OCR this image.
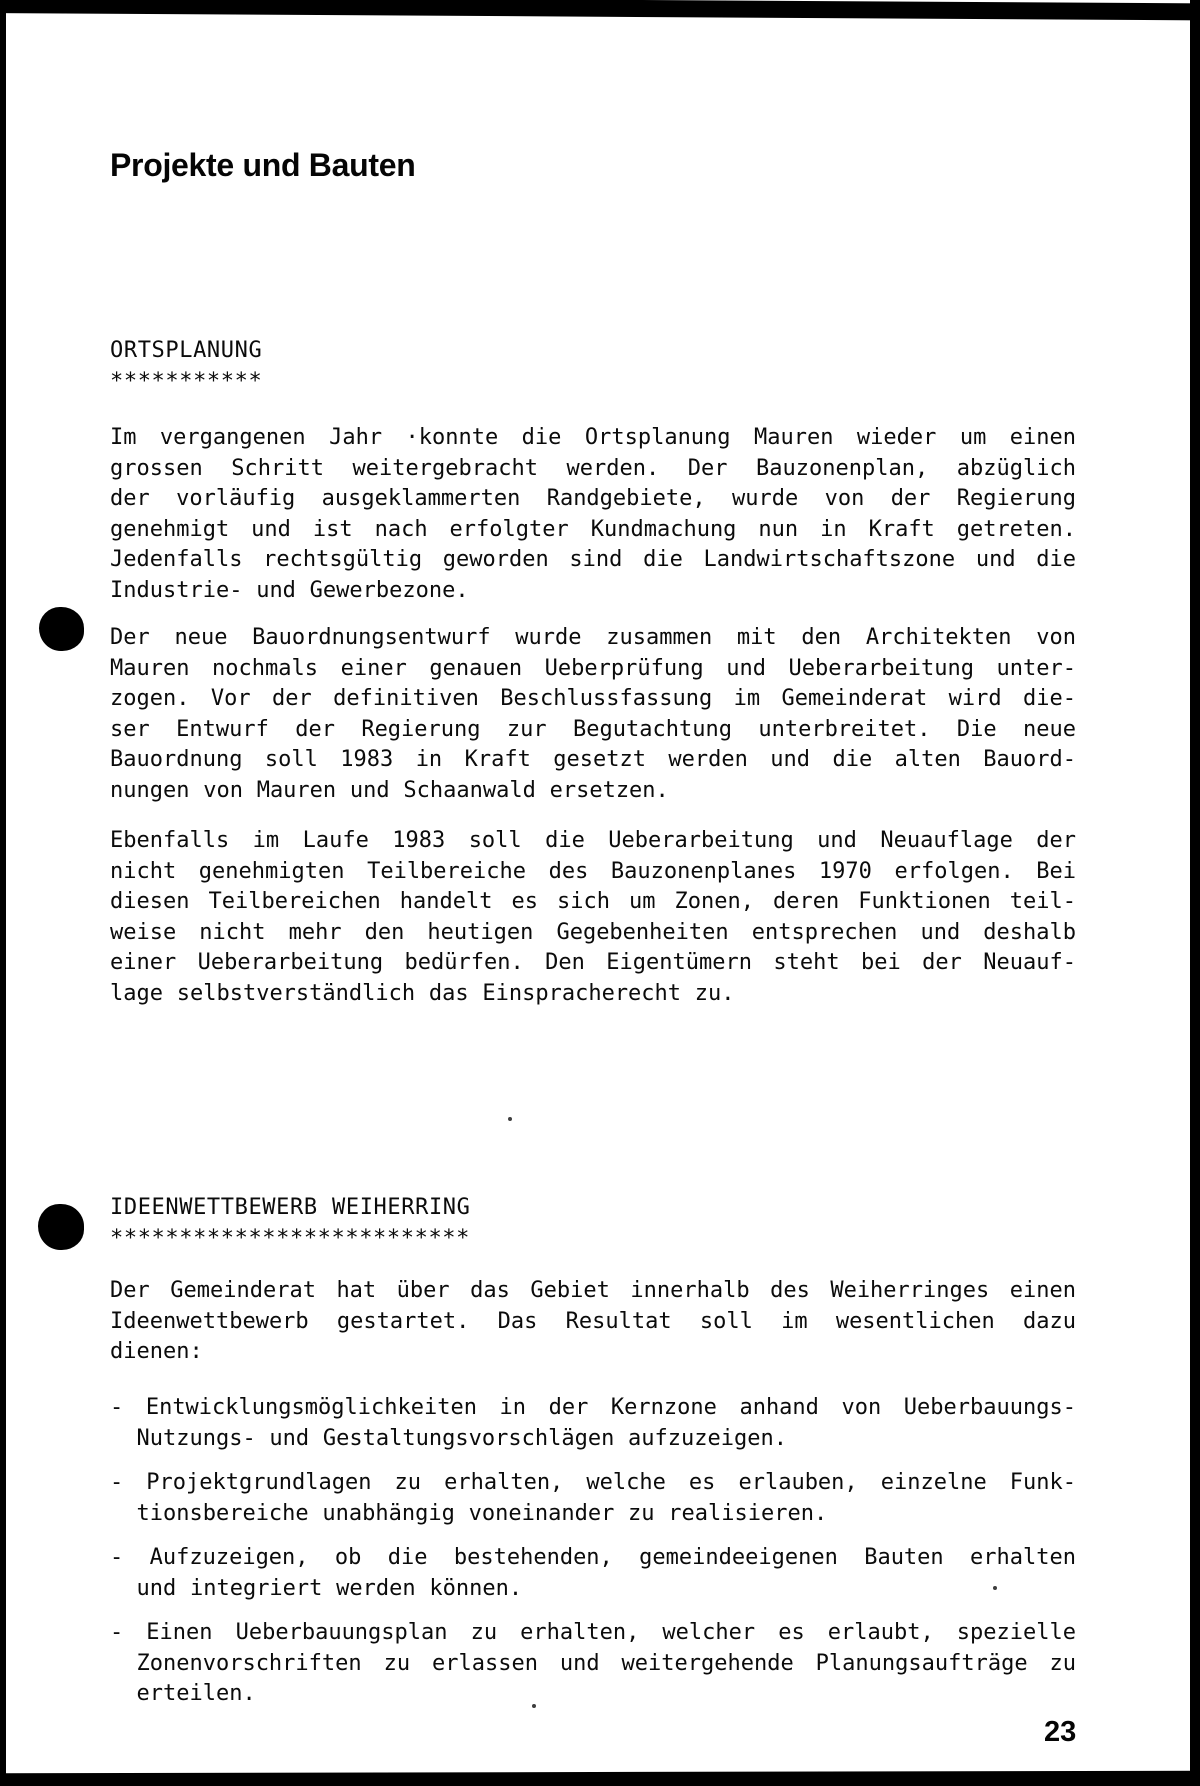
Projekte und Bauten
ORTSPLANUNG
***********
Im vergangenen Jahr ·konnte die Ortsplanung Mauren wieder um einen
grossen Schritt weitergebracht werden. Der Bauzonenplan, abzüglich
der vorläufig ausgeklammerten Randgebiete, wurde von der Regierung
genehmigt und ist nach erfolgter Kundmachung nun in Kraft getreten.
Jedenfalls rechtsgültig geworden sind die Landwirtschaftszone und die
Industrie- und Gewerbezone.
Der neue Bauordnungsentwurf wurde zusammen mit den Architekten von
Mauren nochmals einer genauen Ueberprüfung und Ueberarbeitung unter-
zogen. Vor der definitiven Beschlussfassung im Gemeinderat wird die-
ser Entwurf der Regierung zur Begutachtung unterbreitet. Die neue
Bauordnung soll 1983 in Kraft gesetzt werden und die alten Bauord-
nungen von Mauren und Schaanwald ersetzen.
Ebenfalls im Laufe 1983 soll die Ueberarbeitung und Neuauflage der
nicht genehmigten Teilbereiche des Bauzonenplanes 1970 erfolgen. Bei
diesen Teilbereichen handelt es sich um Zonen, deren Funktionen teil-
weise nicht mehr den heutigen Gegebenheiten entsprechen und deshalb
einer Ueberarbeitung bedürfen. Den Eigentümern steht bei der Neuauf-
lage selbstverständlich das Einspracherecht zu.
IDEENWETTBEWERB WEIHERRING
**************************
Der Gemeinderat hat über das Gebiet innerhalb des Weiherringes einen
Ideenwettbewerb gestartet. Das Resultat soll im wesentlichen dazu
dienen:
- Entwicklungsmöglichkeiten in der Kernzone anhand von Ueberbauungs-
Nutzungs- und Gestaltungsvorschlägen aufzuzeigen.
- Projektgrundlagen zu erhalten, welche es erlauben, einzelne Funk-
tionsbereiche unabhängig voneinander zu realisieren.
- Aufzuzeigen, ob die bestehenden, gemeindeeigenen Bauten erhalten
und integriert werden können.
- Einen Ueberbauungsplan zu erhalten, welcher es erlaubt, spezielle
Zonenvorschriften zu erlassen und weitergehende Planungsaufträge zu
erteilen.
23
